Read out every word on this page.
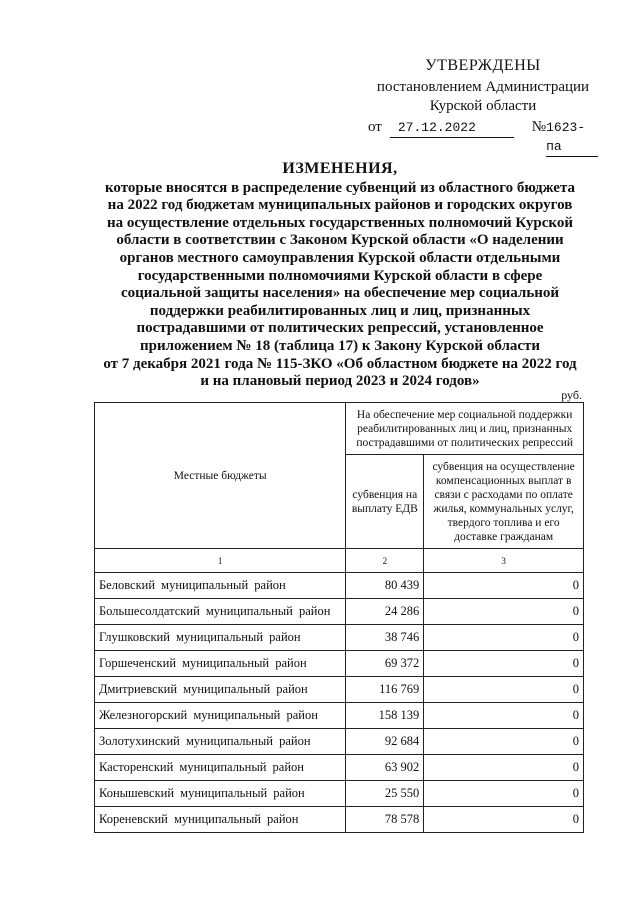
УТВЕРЖДЕНЫ
постановлением Администрации
Курской области
от	27.12.2022	№ 1623-па
ИЗМЕНЕНИЯ,
которые вносятся в распределение субвенций из областного бюджета
на 2022 год бюджетам муниципальных районов и городских округов
на осуществление отдельных государственных полномочий Курской
области в соответствии с Законом Курской области «О наделении
органов местного самоуправления Курской области отдельными
государственными полномочиями Курской области в сфере
социальной защиты населения» на обеспечение мер социальной
поддержки реабилитированных лиц и лиц, признанных
пострадавшими от политических репрессий, установленное
приложением № 18 (таблица 17) к Закону Курской области
от 7 декабря 2021 года № 115-ЗКО «Об областном бюджете на 2022 год
и на плановый период 2023 и 2024 годов»
руб.
Местные бюджеты	На обеспечение мер социальной поддержки реабилитированных лиц и лиц, признанных пострадавшими от политических репрессий	
	субвенция на выплату ЕДВ	субвенция на осуществление компенсационных выплат в связи с расходами по оплате жилья, коммунальных услуг, твердого топлива и его доставке гражданам
1	2	3
Беловский муниципальный район	80 439	0
Большесолдатский муниципальный район	24 286	0
Глушковский муниципальный район	38 746	0
Горшеченский муниципальный район	69 372	0
Дмитриевский муниципальный район	116 769	0
Железногорский муниципальный район	158 139	0
Золотухинский муниципальный район	92 684	0
Касторенский муниципальный район	63 902	0
Конышевский муниципальный район	25 550	0
Кореневский муниципальный район	78 578	0
